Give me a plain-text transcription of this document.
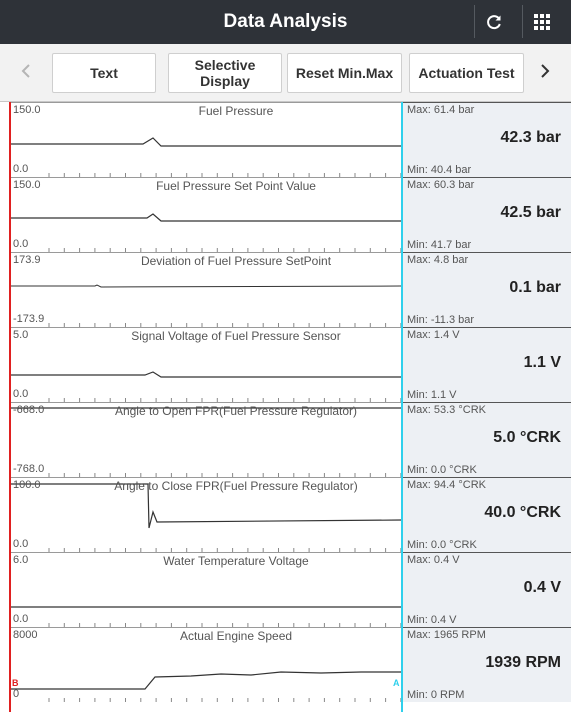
Data Analysis
Text	Selective Display	Reset Min.Max	Actuation Test
150.0	Fuel Pressure
0.0
Max: 61.4 bar
42.3 bar
Min: 40.4 bar
150.0	Fuel Pressure Set Point Value
0.0
Max: 60.3 bar
42.5 bar
Min: 41.7 bar
173.9	Deviation of Fuel Pressure SetPoint
-173.9
Max: 4.8 bar
0.1 bar
Min: -11.3 bar
5.0	Signal Voltage of Fuel Pressure Sensor
0.0
Max: 1.4 V
1.1 V
Min: 1.1 V
-668.0	Angle to Open FPR(Fuel Pressure Regulator)
-768.0
Max: 53.3 °CRK
5.0 °CRK
Min: 0.0 °CRK
100.0	Angle to Close FPR(Fuel Pressure Regulator)
0.0
Max: 94.4 °CRK
40.0 °CRK
Min: 0.0 °CRK
6.0	Water Temperature Voltage
0.0
Max: 0.4 V
0.4 V
Min: 0.4 V
8000	Actual Engine Speed
0
Max: 1965 RPM
1939 RPM
Min: 0 RPM
B	A
